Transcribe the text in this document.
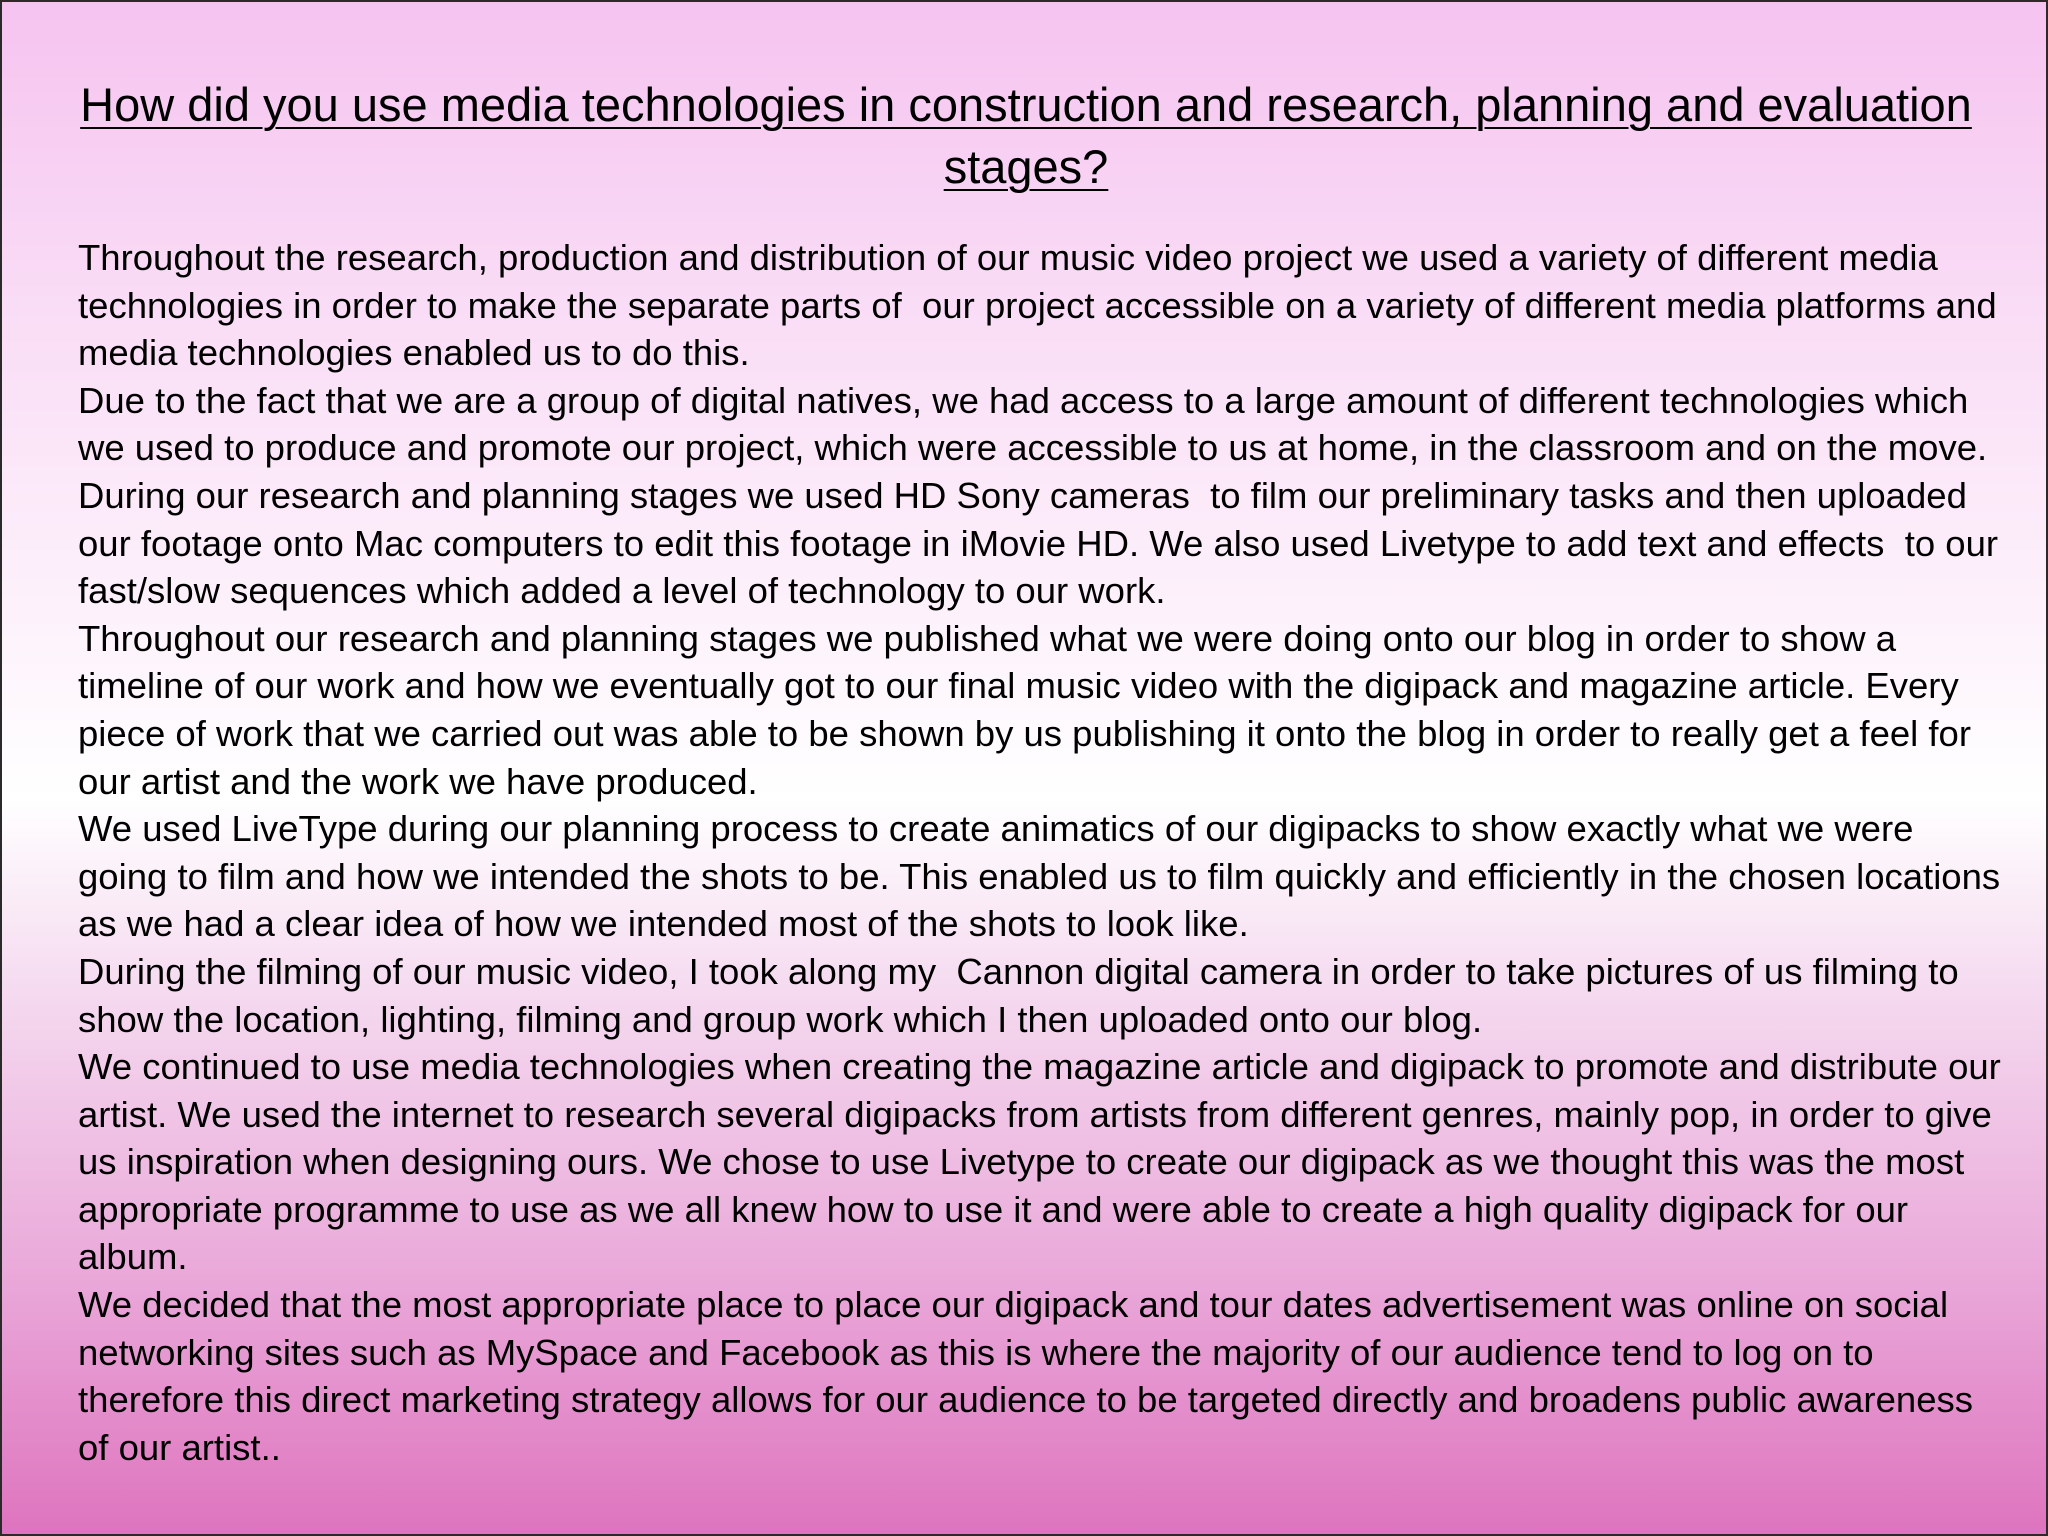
How did you use media technologies in construction and research, planning and evaluation stages?

Throughout the research, production and distribution of our music video project we used a variety of different media technologies in order to make the separate parts of  our project accessible on a variety of different media platforms and media technologies enabled us to do this.

Due to the fact that we are a group of digital natives, we had access to a large amount of different technologies which we used to produce and promote our project, which were accessible to us at home, in the classroom and on the move.

During our research and planning stages we used HD Sony cameras  to film our preliminary tasks and then uploaded our footage onto Mac computers to edit this footage in iMovie HD. We also used Livetype to add text and effects  to our fast/slow sequences which added a level of technology to our work.

Throughout our research and planning stages we published what we were doing onto our blog in order to show a timeline of our work and how we eventually got to our final music video with the digipack and magazine article. Every piece of work that we carried out was able to be shown by us publishing it onto the blog in order to really get a feel for our artist and the work we have produced.

We used LiveType during our planning process to create animatics of our digipacks to show exactly what we were going to film and how we intended the shots to be. This enabled us to film quickly and efficiently in the chosen locations as we had a clear idea of how we intended most of the shots to look like.

During the filming of our music video, I took along my  Cannon digital camera in order to take pictures of us filming to show the location, lighting, filming and group work which I then uploaded onto our blog.

We continued to use media technologies when creating the magazine article and digipack to promote and distribute our artist. We used the internet to research several digipacks from artists from different genres, mainly pop, in order to give us inspiration when designing ours. We chose to use Livetype to create our digipack as we thought this was the most appropriate programme to use as we all knew how to use it and were able to create a high quality digipack for our album.

We decided that the most appropriate place to place our digipack and tour dates advertisement was online on social networking sites such as MySpace and Facebook as this is where the majority of our audience tend to log on to therefore this direct marketing strategy allows for our audience to be targeted directly and broadens public awareness of our artist..
